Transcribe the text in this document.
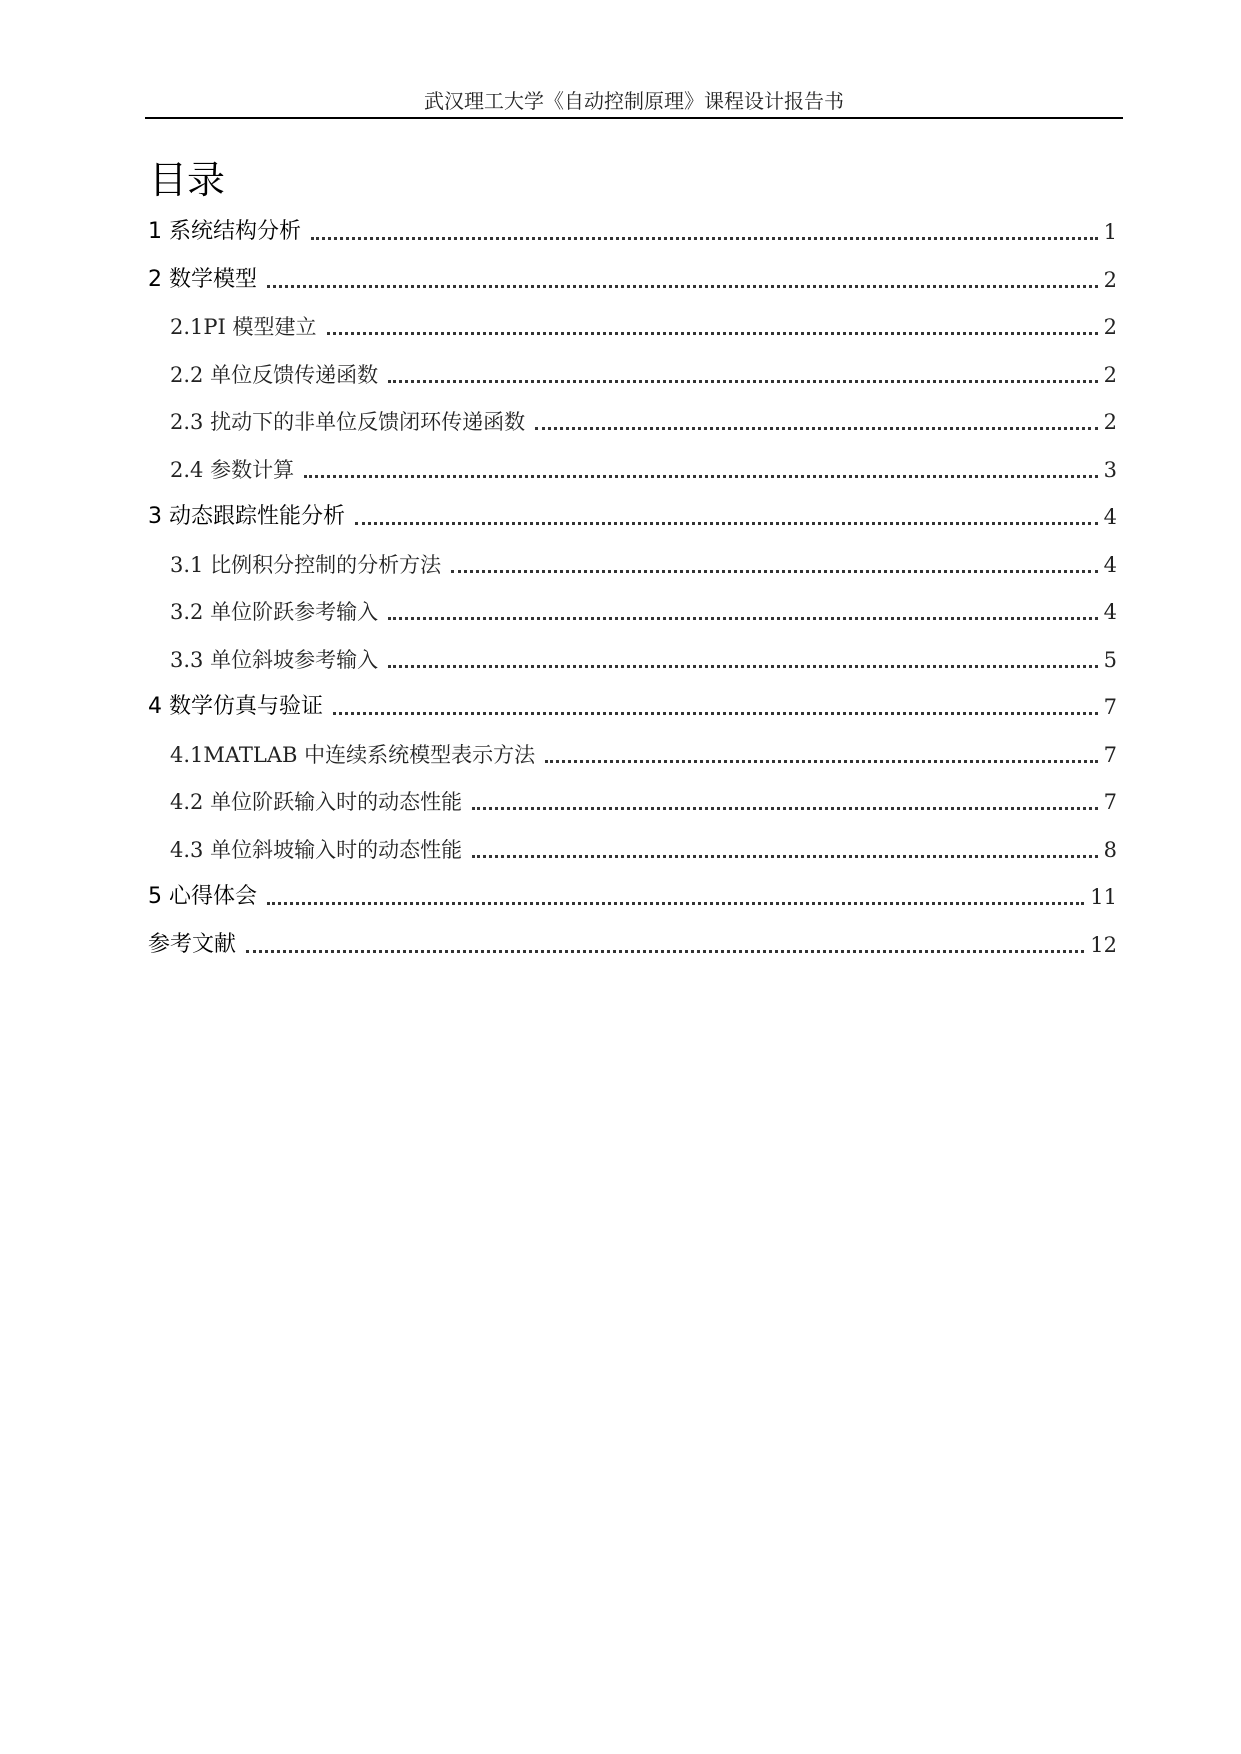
武汉理工大学《自动控制原理》课程设计报告书
目录
1 系统结构分析	1
2 数学模型	2
2.1PI 模型建立	2
2.2 单位反馈传递函数	2
2.3 扰动下的非单位反馈闭环传递函数	2
2.4 参数计算	3
3 动态跟踪性能分析	4
3.1 比例积分控制的分析方法	4
3.2 单位阶跃参考输入	4
3.3 单位斜坡参考输入	5
4 数学仿真与验证	7
4.1MATLAB 中连续系统模型表示方法	7
4.2 单位阶跃输入时的动态性能	7
4.3 单位斜坡输入时的动态性能	8
5 心得体会	11
参考文献	12
